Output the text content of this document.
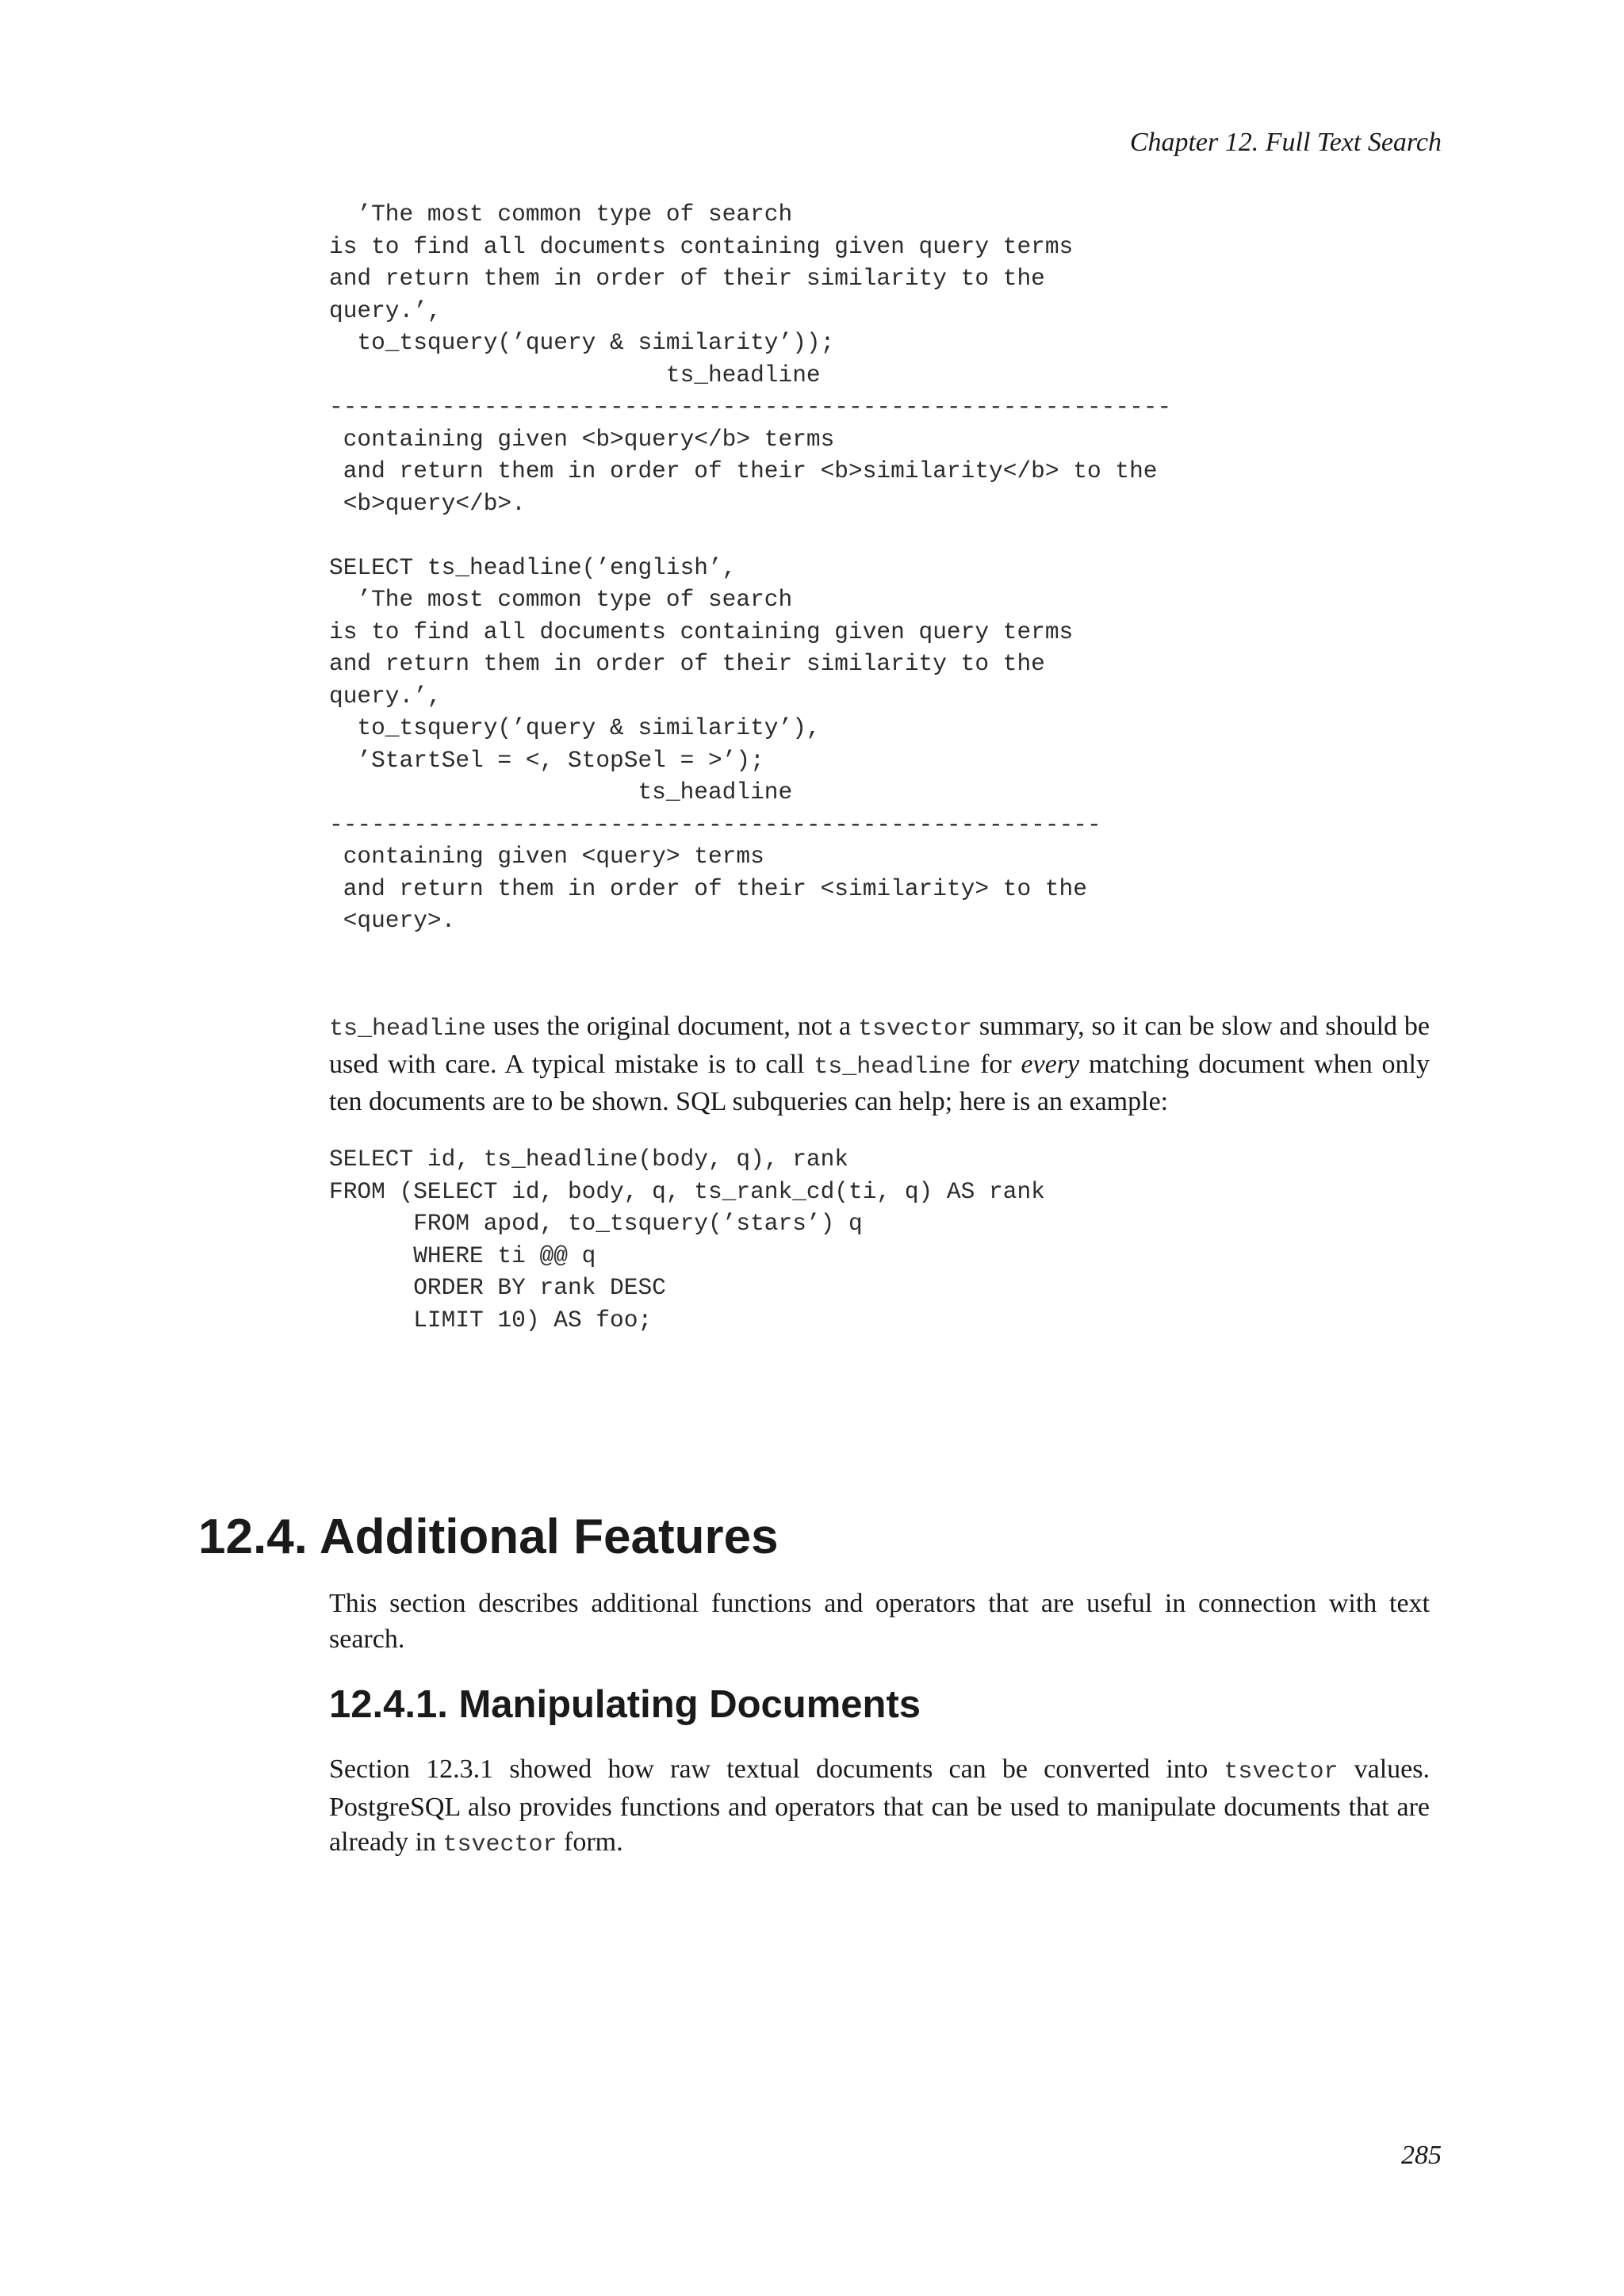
Chapter 12. Full Text Search
’The most common type of search
is to find all documents containing given query terms
and return them in order of their similarity to the
query.’,
to_tsquery(’query & similarity’));
ts_headline
------------------------------------------------------------
containing given <b>query</b> terms
and return them in order of their <b>similarity</b> to the
<b>query</b>.

SELECT ts_headline(’english’,
’The most common type of search
is to find all documents containing given query terms
and return them in order of their similarity to the
query.’,
to_tsquery(’query & similarity’),
’StartSel = <, StopSel = >’);
ts_headline
-------------------------------------------------------
containing given <query> terms
and return them in order of their <similarity> to the
<query>.

ts_headline uses the original document, not a tsvector summary, so it can be slow and should be used with care. A typical mistake is to call ts_headline for every matching document when only ten documents are to be shown. SQL subqueries can help; here is an example:

SELECT id, ts_headline(body, q), rank
FROM (SELECT id, body, q, ts_rank_cd(ti, q) AS rank
FROM apod, to_tsquery(’stars’) q
WHERE ti @@ q
ORDER BY rank DESC
LIMIT 10) AS foo;
12.4. Additional Features

This section describes additional functions and operators that are useful in connection with text search.

12.4.1. Manipulating Documents

Section 12.3.1 showed how raw textual documents can be converted into tsvector values. PostgreSQL also provides functions and operators that can be used to manipulate documents that are already in tsvector form.

285
